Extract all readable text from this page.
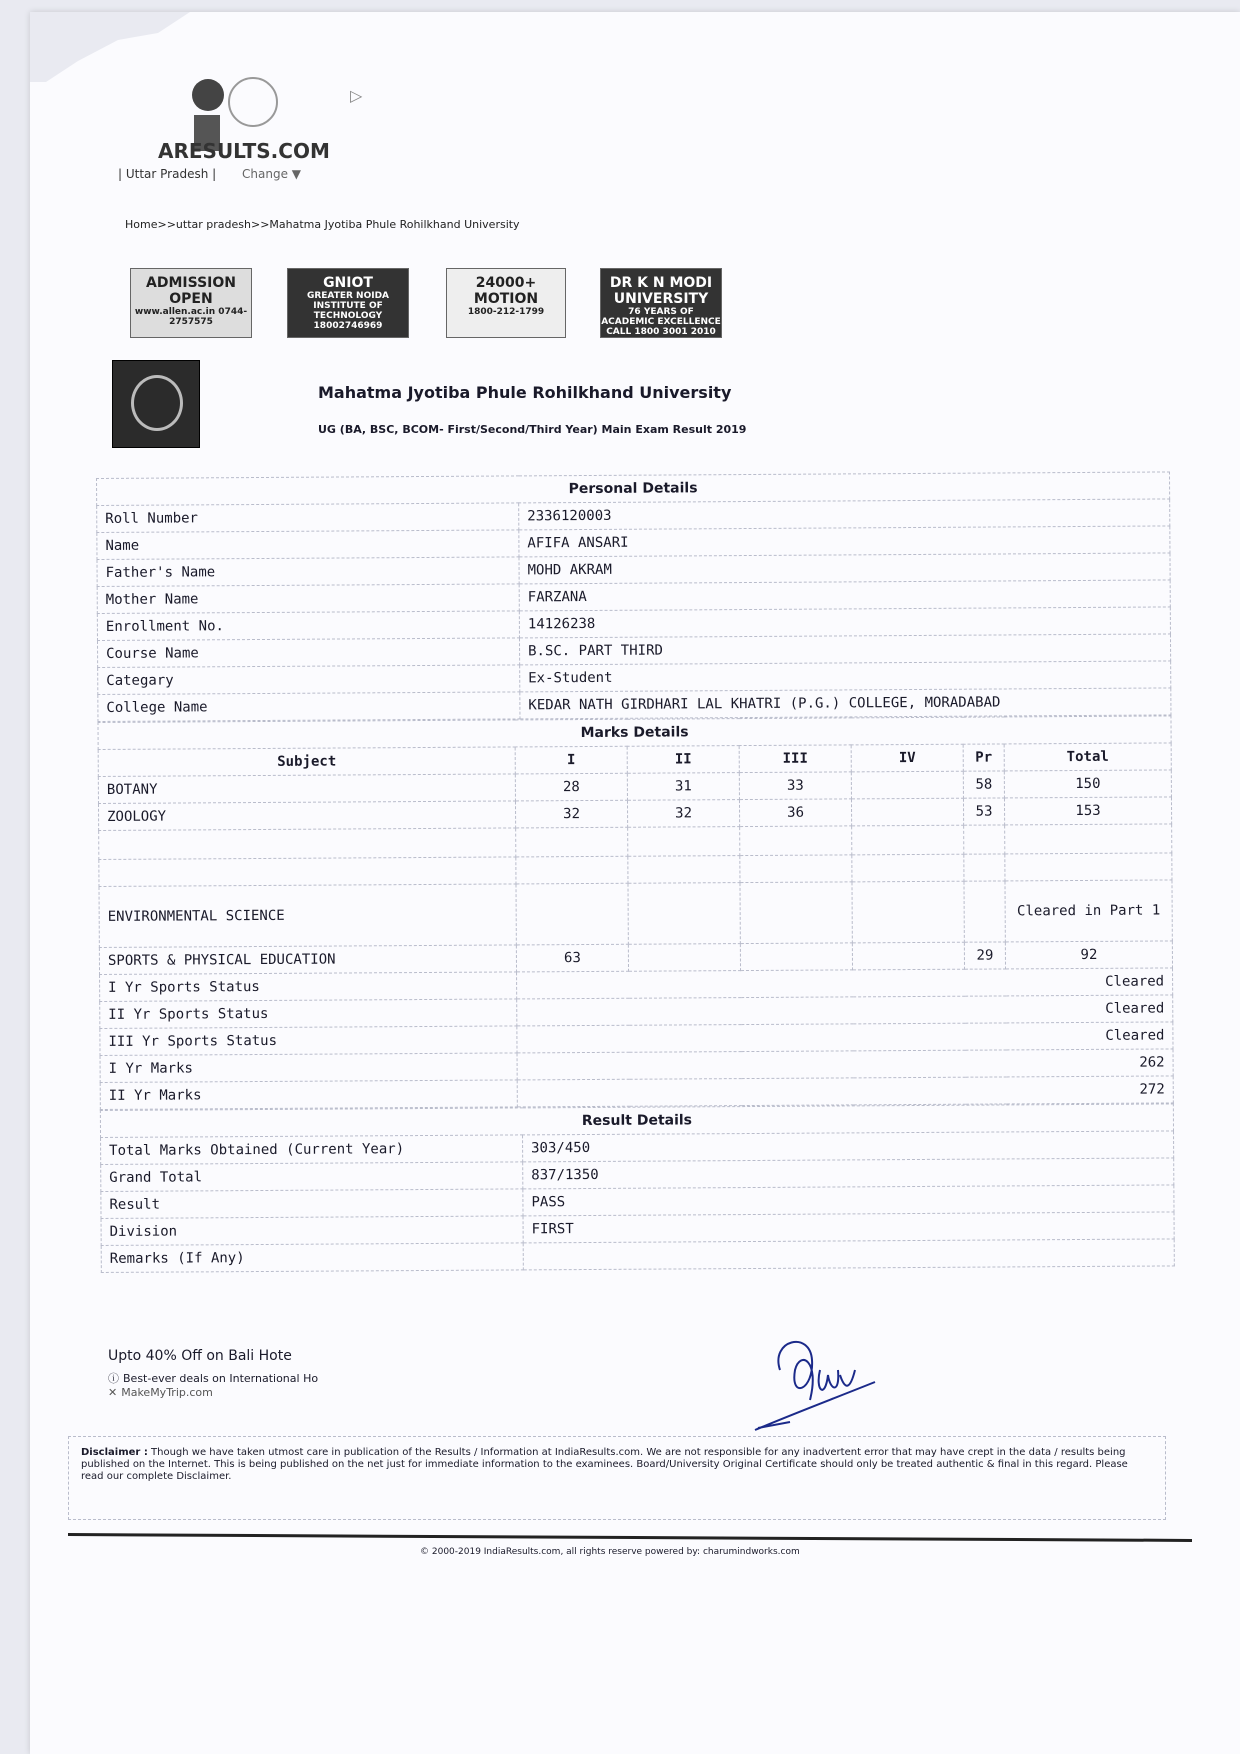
ARESULTS.COM
| Uttar Pradesh | Change ▼
▷
Home>>uttar pradesh>>Mahatma Jyotiba Phule Rohilkhand University
ADMISSION OPEN
www.allen.ac.in 0744-2757575
GNIOT
GREATER NOIDA INSTITUTE OF TECHNOLOGY 18002746969
24000+ MOTION
1800-212-1799
DR K N MODI UNIVERSITY
76 YEARS OF ACADEMIC EXCELLENCE CALL 1800 3001 2010
Mahatma Jyotiba Phule Rohilkhand University
UG (BA, BSC, BCOM- First/Second/Third Year) Main Exam Result 2019
Personal Details	
Roll Number	2336120003
Name	AFIFA ANSARI
Father's Name	MOHD AKRAM
Mother Name	FARZANA
Enrollment No.	14126238
Course Name	B.SC. PART THIRD
Categary	Ex-Student
College Name	KEDAR NATH GIRDHARI LAL KHATRI (P.G.) COLLEGE, MORADABAD
Marks Details						
Subject	I	II	III	IV	Pr	Total
BOTANY	28	31	33		58	150
ZOOLOGY	32	32	36		53	153

ENVIRONMENTAL SCIENCE						Cleared in Part 1
SPORTS & PHYSICAL EDUCATION	63				29	92
I Yr Sports Status	Cleared					
II Yr Sports Status	Cleared					
III Yr Sports Status	Cleared					
I Yr Marks	262					
II Yr Marks	272					
Result Details	
Total Marks Obtained (Current Year)	303/450
Grand Total	837/1350
Result	PASS
Division	FIRST
Remarks (If Any)	
Upto 40% Off on Bali Hote
ⓘ Best-ever deals on International Ho
✕ MakeMyTrip.com
Disclaimer : Though we have taken utmost care in publication of the Results / Information at IndiaResults.com. We are not responsible for any inadvertent error that may have crept in the data / results being published on the Internet. This is being published on the net just for immediate information to the examinees. Board/University Original Certificate should only be treated authentic & final in this regard. Please read our complete Disclaimer.
© 2000-2019 IndiaResults.com, all rights reserve powered by: charumindworks.com
